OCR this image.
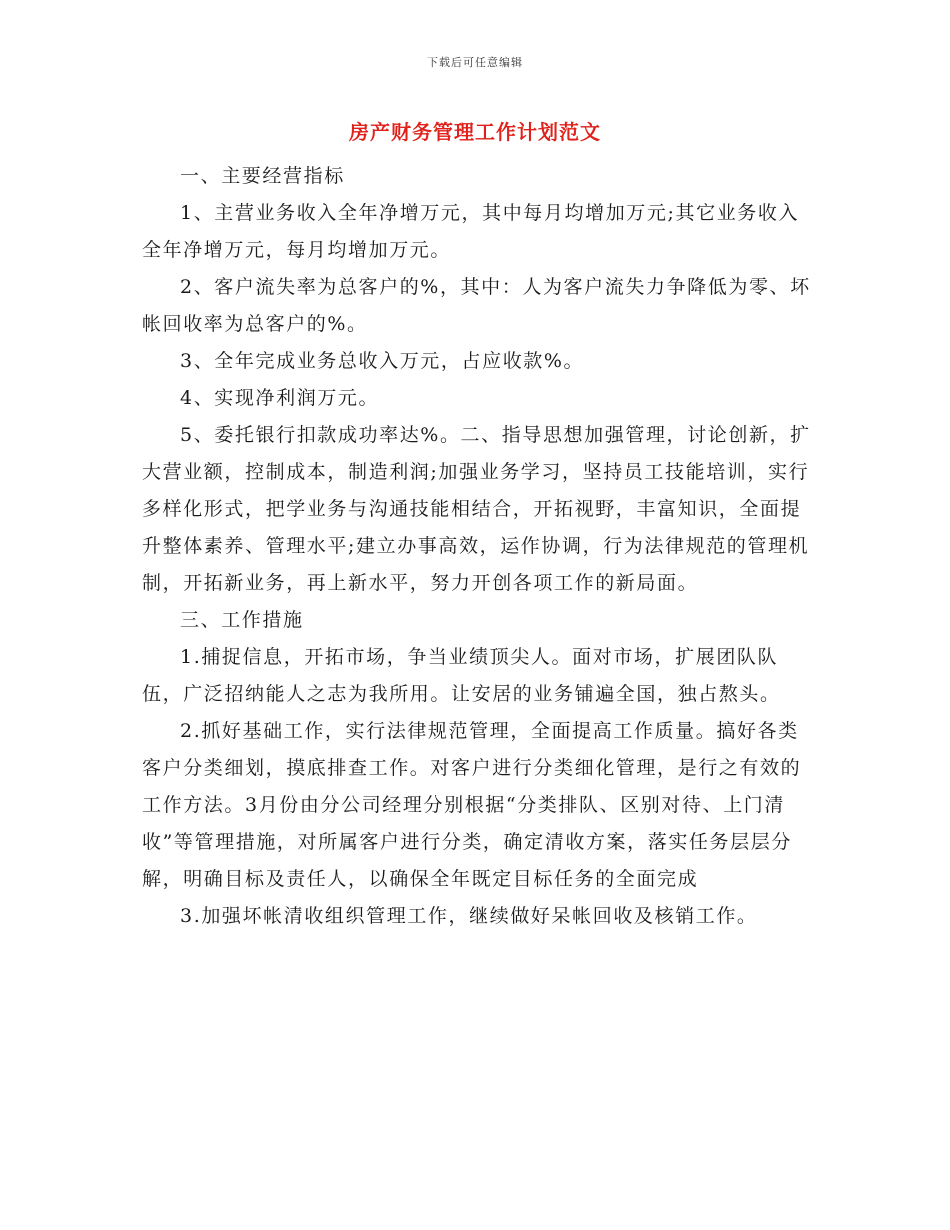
下载后可任意编辑
房产财务管理工作计划范文

一、主要经营指标

1、主营业务收入全年净增万元，其中每月均增加万元;其它业务收入全年净增万元，每月均增加万元。

2、客户流失率为总客户的%，其中：人为客户流失力争降低为零、坏帐回收率为总客户的%。

3、全年完成业务总收入万元，占应收款%。

4、实现净利润万元。

5、委托银行扣款成功率达%。二、指导思想加强管理，讨论创新，扩大营业额，控制成本，制造利润;加强业务学习，坚持员工技能培训，实行多样化形式，把学业务与沟通技能相结合，开拓视野，丰富知识，全面提升整体素养、管理水平;建立办事高效，运作协调，行为法律规范的管理机制，开拓新业务，再上新水平，努力开创各项工作的新局面。

三、工作措施

1.捕捉信息，开拓市场，争当业绩顶尖人。面对市场，扩展团队队伍，广泛招纳能人之志为我所用。让安居的业务铺遍全国，独占熬头。

2.抓好基础工作，实行法律规范管理，全面提高工作质量。搞好各类客户分类细划，摸底排查工作。对客户进行分类细化管理，是行之有效的工作方法。3月份由分公司经理分别根据“分类排队、区别对待、上门清收”等管理措施，对所属客户进行分类，确定清收方案，落实任务层层分解，明确目标及责任人，以确保全年既定目标任务的全面完成

3.加强坏帐清收组织管理工作，继续做好呆帐回收及核销工作。
